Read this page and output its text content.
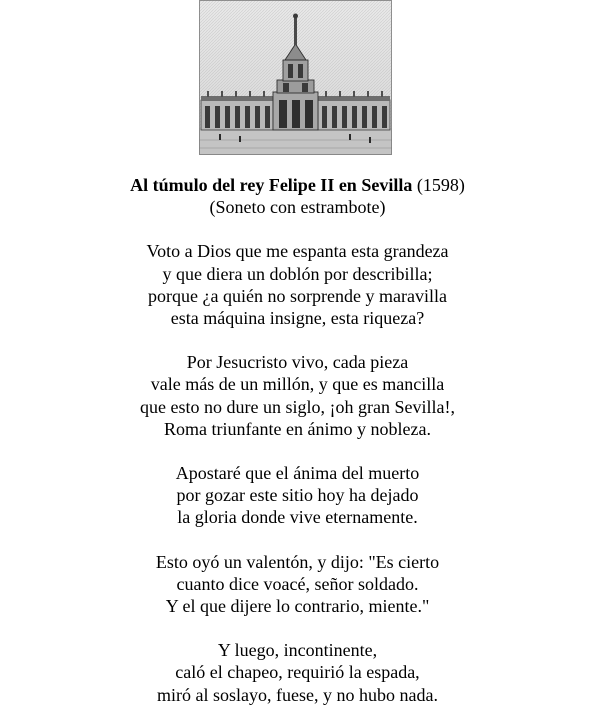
Al túmulo del rey Felipe II en Sevilla (1598)
(Soneto con estrambote)
Voto a Dios que me espanta esta grandeza
y que diera un doblón por describilla;
porque ¿a quién no sorprende y maravilla
esta máquina insigne, esta riqueza?
Por Jesucristo vivo, cada pieza
vale más de un millón, y que es mancilla
que esto no dure un siglo, ¡oh gran Sevilla!,
Roma triunfante en ánimo y nobleza.
Apostaré que el ánima del muerto
por gozar este sitio hoy ha dejado
la gloria donde vive eternamente.
Esto oyó un valentón, y dijo: "Es cierto
cuanto dice voacé, señor soldado.
Y el que dijere lo contrario, miente."
Y luego, incontinente,
caló el chapeo, requirió la espada,
miró al soslayo, fuese, y no hubo nada.
